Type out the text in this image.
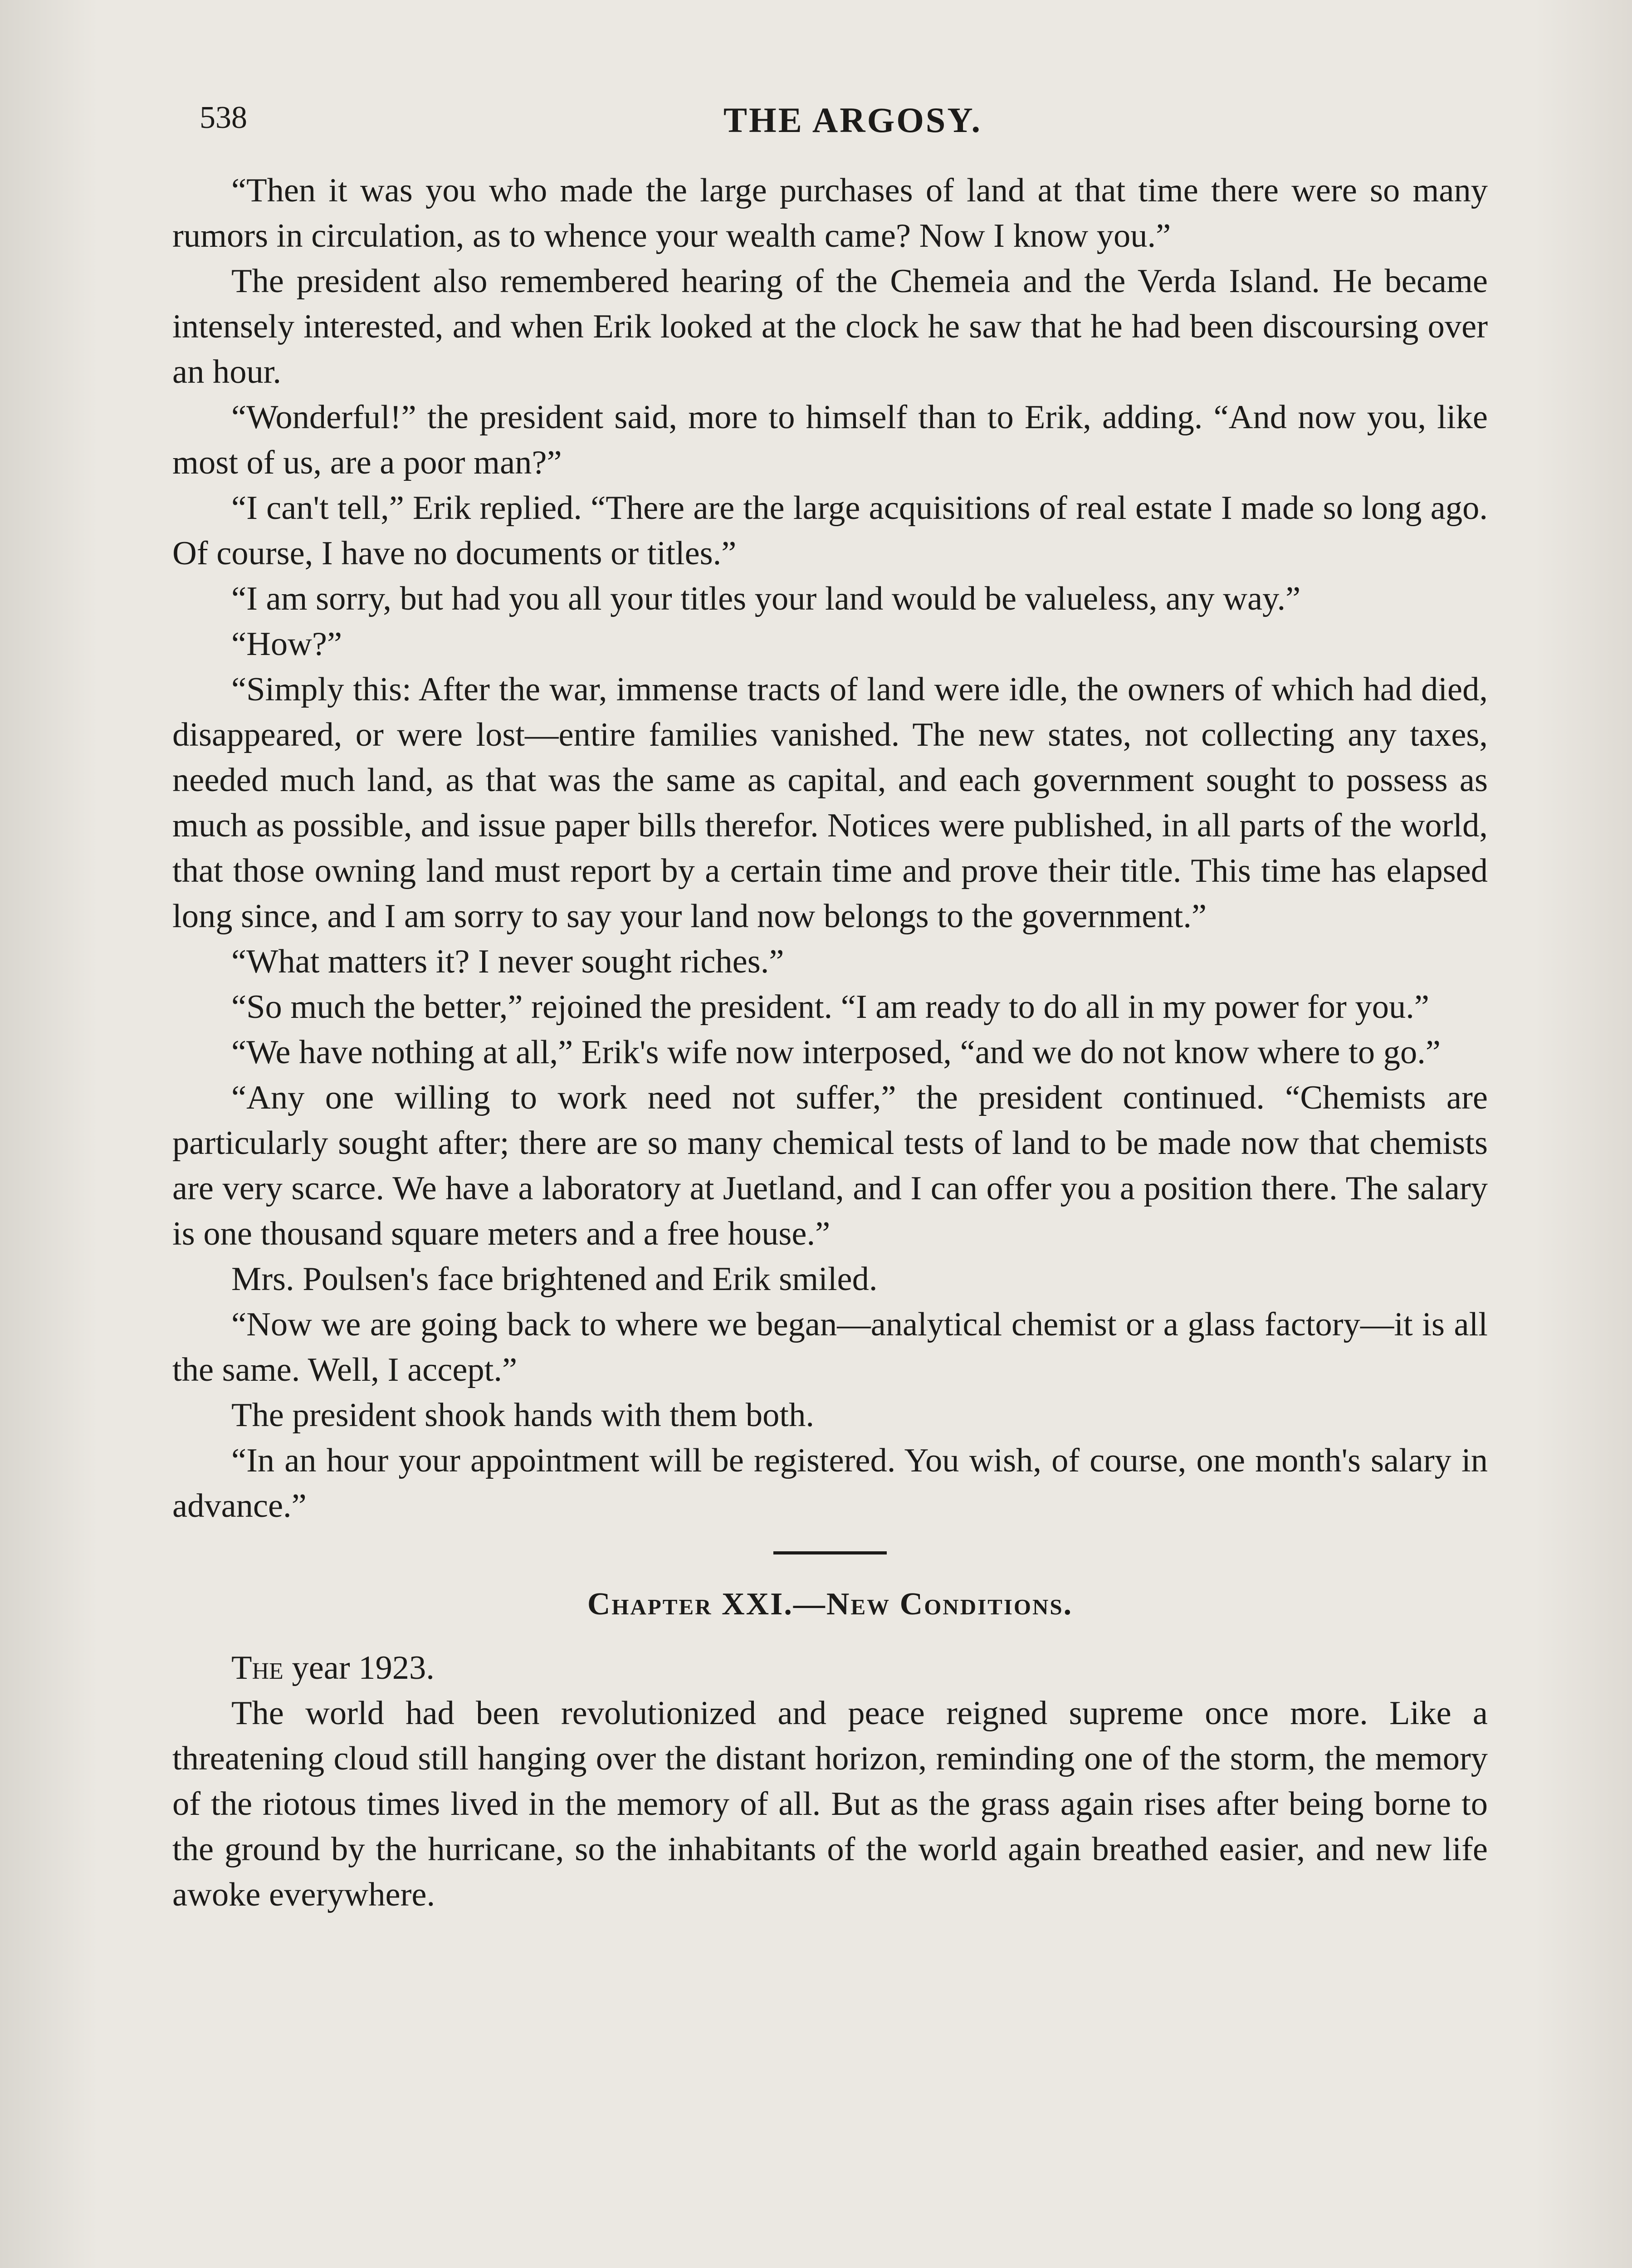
538	THE ARGOSY.

“Then it was you who made the large purchases of land at that time there were so many rumors in circulation, as to whence your wealth came? Now I know you.”

The president also remembered hearing of the Chemeia and the Verda Island. He became intensely interested, and when Erik looked at the clock he saw that he had been discoursing over an hour.

“Wonderful!” the president said, more to himself than to Erik, adding. “And now you, like most of us, are a poor man?”

“I can't tell,” Erik replied. “There are the large acquisitions of real estate I made so long ago. Of course, I have no documents or titles.”

“I am sorry, but had you all your titles your land would be valueless, any way.”

“How?”

“Simply this: After the war, immense tracts of land were idle, the owners of which had died, disappeared, or were lost—entire families vanished. The new states, not collecting any taxes, needed much land, as that was the same as capital, and each government sought to possess as much as possible, and issue paper bills therefor. Notices were published, in all parts of the world, that those owning land must report by a certain time and prove their title. This time has elapsed long since, and I am sorry to say your land now belongs to the government.”

“What matters it? I never sought riches.”

“So much the better,” rejoined the president. “I am ready to do all in my power for you.”

“We have nothing at all,” Erik's wife now interposed, “and we do not know where to go.”

“Any one willing to work need not suffer,” the president continued. “Chemists are particularly sought after; there are so many chemical tests of land to be made now that chemists are very scarce. We have a laboratory at Juetland, and I can offer you a position there. The salary is one thousand square meters and a free house.”

Mrs. Poulsen's face brightened and Erik smiled.

“Now we are going back to where we began—analytical chemist or a glass factory—it is all the same. Well, I accept.”

The president shook hands with them both.

“In an hour your appointment will be registered. You wish, of course, one month's salary in advance.”

Chapter XXI.—New Conditions.

The year 1923.

The world had been revolutionized and peace reigned supreme once more. Like a threatening cloud still hanging over the distant horizon, reminding one of the storm, the memory of the riotous times lived in the memory of all. But as the grass again rises after being borne to the ground by the hurricane, so the inhabitants of the world again breathed easier, and new life awoke everywhere.
